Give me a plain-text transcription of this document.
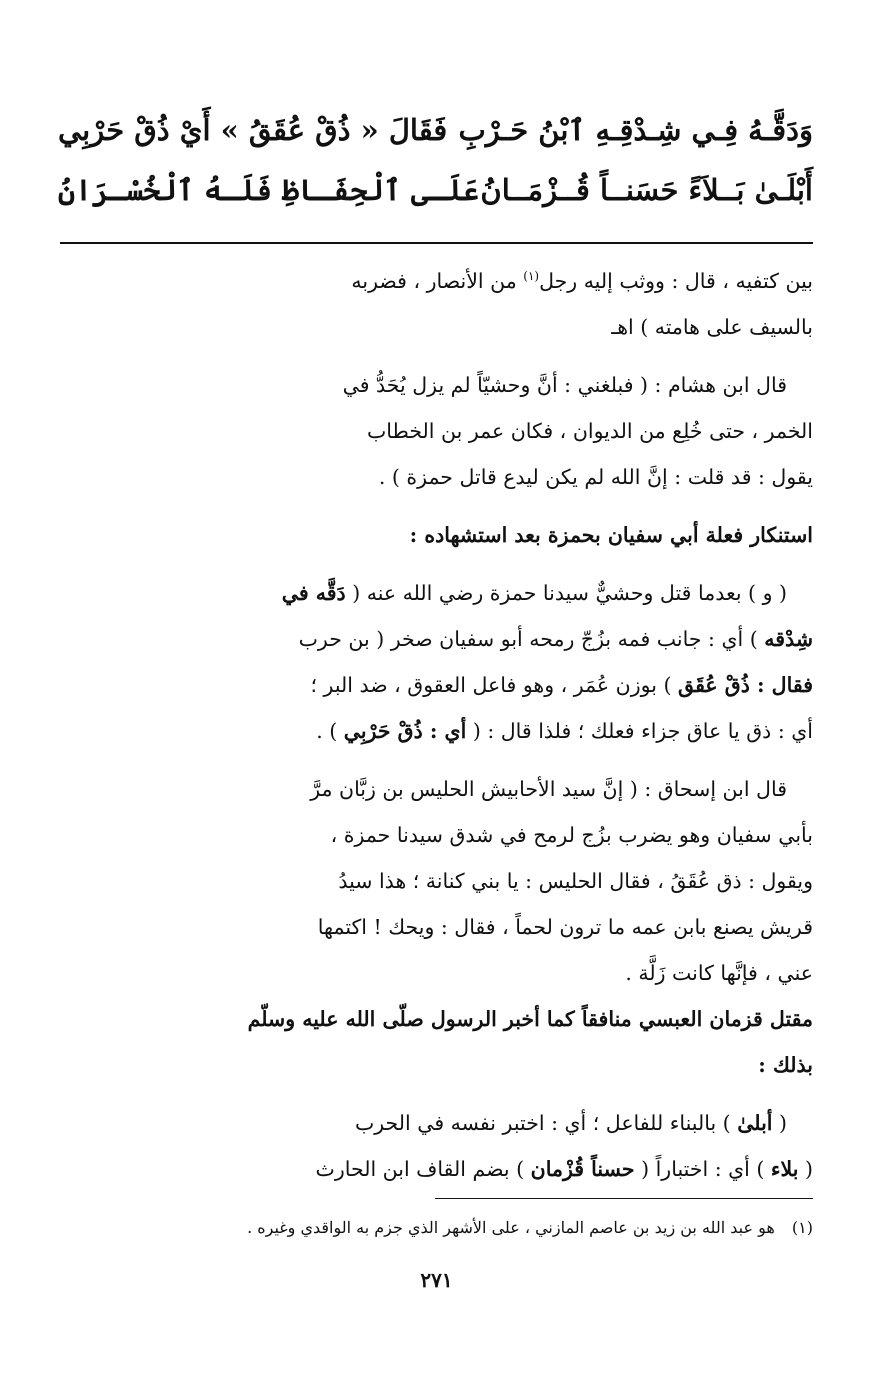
وَدَقَّـهُ فِـي شِـدْقِـهِ ٱبْنُ حَـرْبِ
فَقَالَ « ذُقْ عُقَقُ » أَيْ ذُقْ حَرْبِي
أَبْلَـىٰ بَــلاَءً حَسَنــاً قُــزْمَــانُ
عَلَـى ٱلْحِفَـاظِ فَلَـهُ ٱلْخُسْـرَانُ

بين كتفيه ، قال : ووثب إليه رجل$^{(١)}$ من الأنصار ، فضربه

بالسيف على هامته ) اهـ

قال ابن هشام : ( فبلغني : أنَّ وحشيّاً لم يزل يُحَدُّ في

الخمر ، حتى خُلِع من الديوان ، فكان عمر بن الخطاب

يقول : قد قلت : إنَّ الله لم يكن ليدع قاتل حمزة ) .

استنكار فعلة أبي سفيان بحمزة بعد استشهاده :

( و ) بعدما قتل وحشيٌّ سيدنا حمزة رضي الله عنه ( دَقَّه في

شِدْقه ) أي : جانب فمه بزُجّ رمحه أبو سفيان صخر ( بن حرب

فقال : ذُقْ عُقَق ) بوزن عُمَر ، وهو فاعل العقوق ، ضد البر ؛

أي : ذق يا عاق جزاء فعلك ؛ فلذا قال : ( أي : ذُقْ حَرْبِي ) .

قال ابن إسحاق : ( إنَّ سيد الأحابيش الحليس بن زبَّان مرَّ

بأبي سفيان وهو يضرب بزُج لرمح في شدق سيدنا حمزة ،

ويقول : ذق عُقَقُ ، فقال الحليس : يا بني كنانة ؛ هذا سيدُ

قريش يصنع بابن عمه ما ترون لحماً ، فقال : ويحك ! اكتمها

عني ، فإنَّها كانت زَلَّة .

مقتل قزمان العبسي منافقاً كما أخبر الرسول صلّى الله عليه وسلّم

بذلك :

( أبلىٰ ) بالبناء للفاعل ؛ أي : اختبر نفسه في الحرب

( بلاء ) أي : اختباراً ( حسناً قُزْمان ) بضم القاف ابن الحارث

(١) هو عبد الله بن زيد بن عاصم المازني ، على الأشهر الذي جزم به الواقدي وغيره .
٢٧١
